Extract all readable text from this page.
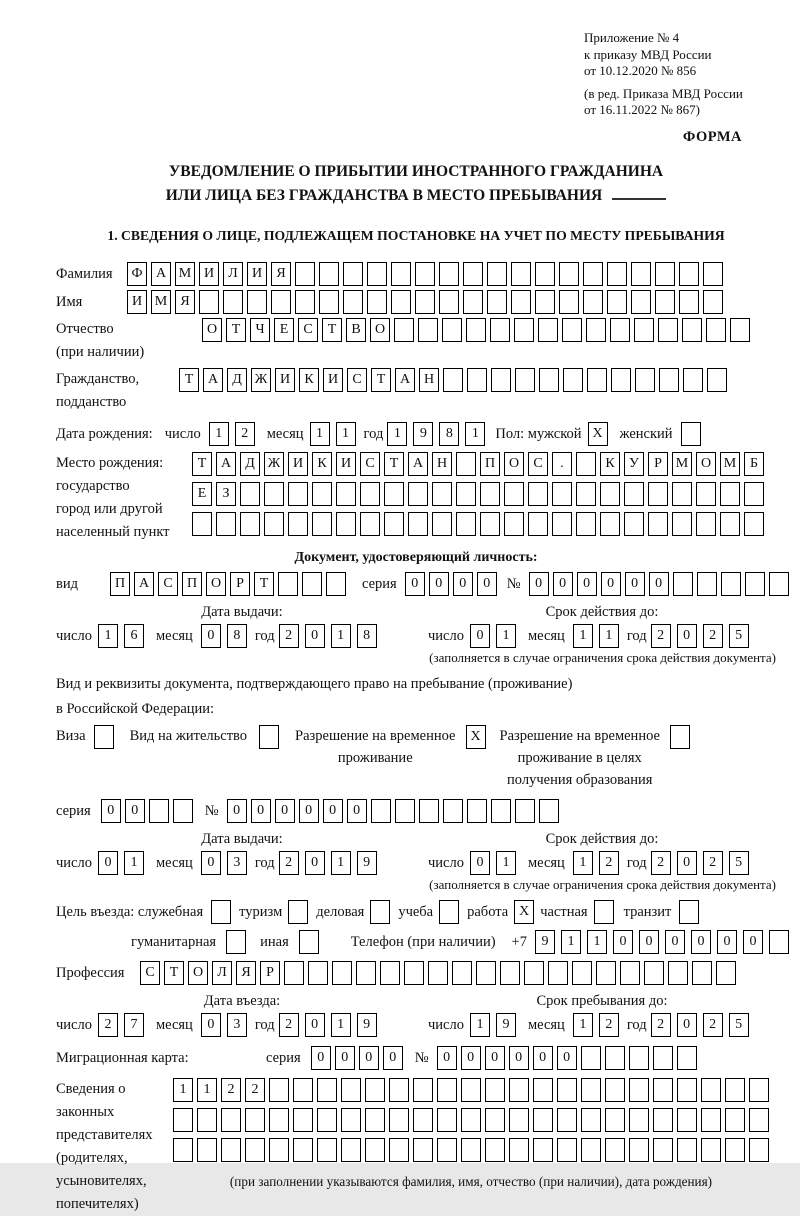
Приложение № 4
к приказу МВД России
от 10.12.2020 № 856
(в ред. Приказа МВД России
от 16.11.2022 № 867)
ФОРМА
УВЕДОМЛЕНИЕ О ПРИБЫТИИ ИНОСТРАННОГО ГРАЖДАНИНА
ИЛИ ЛИЦА БЕЗ ГРАЖДАНСТВА В МЕСТО ПРЕБЫВАНИЯ
1. СВЕДЕНИЯ О ЛИЦЕ, ПОДЛЕЖАЩЕМ ПОСТАНОВКЕ НА УЧЕТ ПО МЕСТУ ПРЕБЫВАНИЯ
Фамилия	Ф А М И	Л	И	Я
Имя	И М Я
Отчество
(при наличии)
О	Т	Ч	Е	С	Т	В	О
Гражданство,
подданство
Т	А	Д Ж И	К	И	С	Т	А Н
Дата рождения: число	1	2	месяц 1	1	год 1	9	8	1	Пол: мужской X	женский
Место рождения:
государство
город или другой
населенный пункт
Т	А	Д Ж И	К	И	С	Т	А Н	П О	С	.	К	У	Р М О М Б
Е	З
Документ, удостоверяющий личность:
вид	П А	С	П О	Р	Т	серия	0	0	0	0	№	0	0	0	0	0	0
Дата выдачи:
число 1	6	месяц	0	8	год 2	0	1	8
Срок действия до:
число 0	1	месяц	1	1	год 2	0	2	5
(заполняется в случае ограничения срока действия документа)
Вид и реквизиты документа, подтверждающего право на пребывание (проживание)
в Российской Федерации:
Виза	Вид на жительство	Разрешение на временное
проживание
X	Разрешение на временное
проживание в целях
получения образования
серия	0	0	№	0	0	0	0	0	0
Дата выдачи:
число 0	1	месяц	0	3	год 2	0	1	9
Срок действия до:
число 0	1	месяц	1	2	год 2	0	2	5
(заполняется в случае ограничения срока действия документа)
Цель въезда: служебная туризм деловая учеба работа X частная транзит
гуманитарная	иная	Телефон (при наличии) +7	9	1	1	0	0	0	0	0	0
Профессия	С	Т	О	Л	Я	Р
Дата въезда:
число 2	7	месяц	0	3	год 2	0	1	9
Срок пребывания до:
число 1	9	месяц	1	2	год 2	0	2	5
Миграционная карта:	серия	0	0	0	0	№	0	0	0	0	0	0
Сведения о
законных
представителях
(родителях,
усыновителях,
попечителях)
1	1	2	2
(при заполнении указываются фамилия, имя, отчество (при наличии), дата рождения)
